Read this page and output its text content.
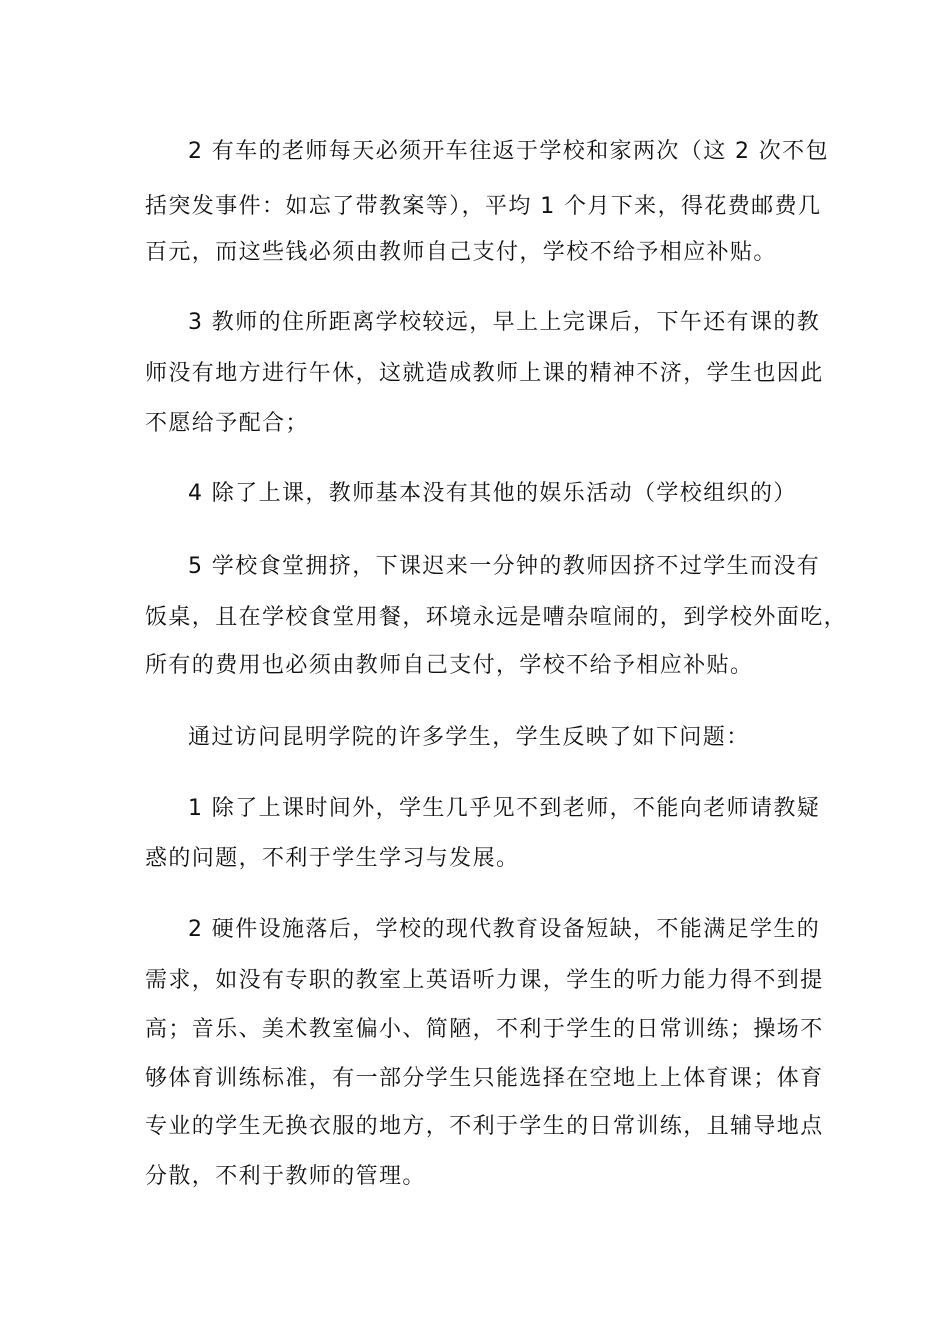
2 有车的老师每天必须开车往返于学校和家两次（这 2 次不包

括突发事件：如忘了带教案等），平均 1 个月下来，得花费邮费几

百元，而这些钱必须由教师自己支付，学校不给予相应补贴。

3 教师的住所距离学校较远，早上上完课后，下午还有课的教

师没有地方进行午休，这就造成教师上课的精神不济，学生也因此

不愿给予配合；

4 除了上课，教师基本没有其他的娱乐活动（学校组织的）

5 学校食堂拥挤，下课迟来一分钟的教师因挤不过学生而没有

饭桌，且在学校食堂用餐，环境永远是嘈杂喧闹的，到学校外面吃，

所有的费用也必须由教师自己支付，学校不给予相应补贴。

通过访问昆明学院的许多学生，学生反映了如下问题：

1 除了上课时间外，学生几乎见不到老师，不能向老师请教疑

惑的问题，不利于学生学习与发展。

2 硬件设施落后，学校的现代教育设备短缺，不能满足学生的

需求，如没有专职的教室上英语听力课，学生的听力能力得不到提

高；音乐、美术教室偏小、简陋，不利于学生的日常训练；操场不

够体育训练标准，有一部分学生只能选择在空地上上体育课；体育

专业的学生无换衣服的地方，不利于学生的日常训练，且辅导地点

分散，不利于教师的管理。
